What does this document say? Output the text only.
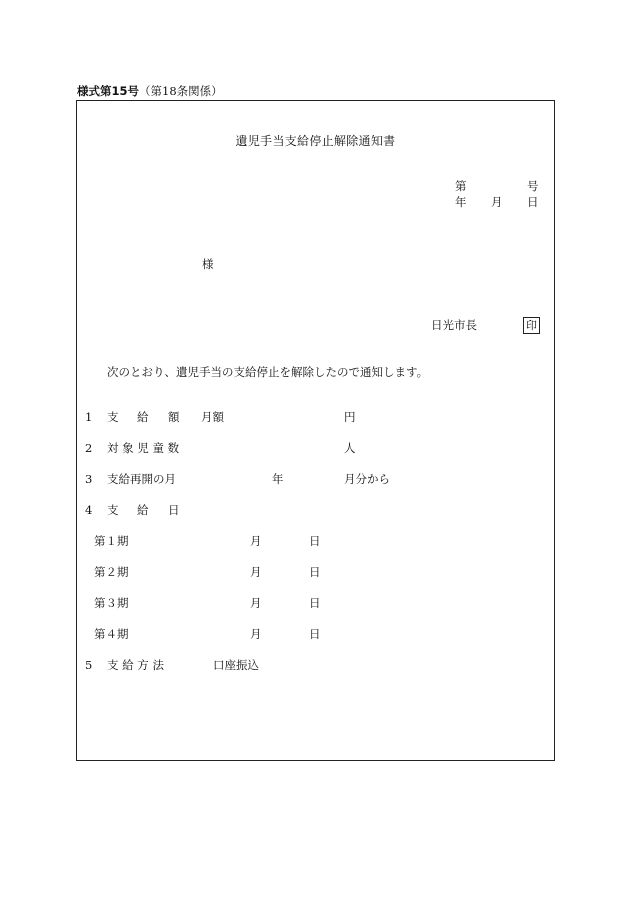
様式第15号（第18条関係）
遺児手当支給停止解除通知書
第	号
年 月 日
様
日光市長	印
次のとおり、遺児手当の支給停止を解除したので通知します。
1 支 給 額 月額	円
2 対 象 児 童 数	人
3 支給再開の月	年	月分から
4 支 給 日
第１期	月	日
第２期	月	日
第３期	月	日
第４期	月	日
5 支 給 方 法	口座振込
